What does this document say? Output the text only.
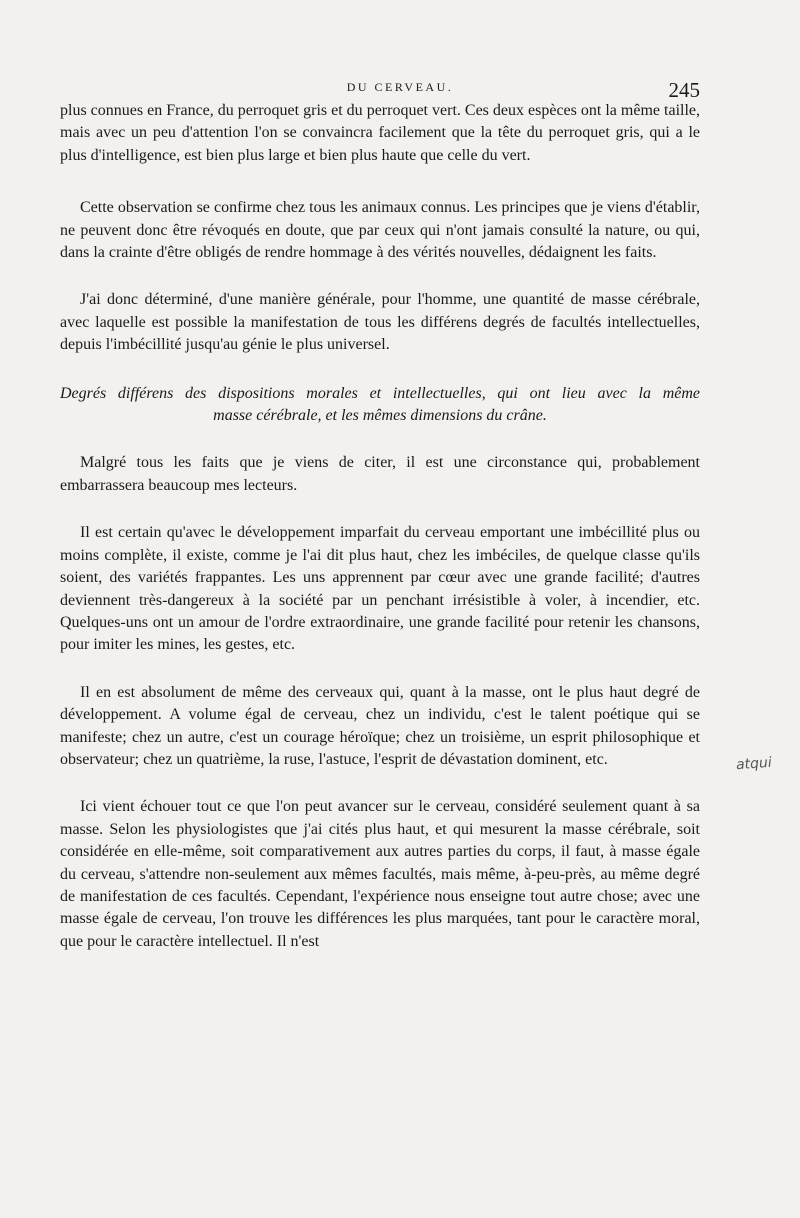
DU CERVEAU.	245

plus connues en France, du perroquet gris et du perroquet vert. Ces deux espèces ont la même taille, mais avec un peu d'attention l'on se convaincra facilement que la tête du perroquet gris, qui a le plus d'intelligence, est bien plus large et bien plus haute que celle du vert.

Cette observation se confirme chez tous les animaux connus. Les principes que je viens d'établir, ne peuvent donc être révoqués en doute, que par ceux qui n'ont jamais consulté la nature, ou qui, dans la crainte d'être obligés de rendre hommage à des vérités nouvelles, dédaignent les faits.

J'ai donc déterminé, d'une manière générale, pour l'homme, une quantité de masse cérébrale, avec laquelle est possible la manifestation de tous les différens degrés de facultés intellectuelles, depuis l'imbécillité jusqu'au génie le plus universel.

Degrés différens des dispositions morales et intellectuelles, qui ont lieu avec la même
masse cérébrale, et les mêmes dimensions du crâne.

Malgré tous les faits que je viens de citer, il est une circonstance qui, probablement embarrassera beaucoup mes lecteurs.

Il est certain qu'avec le développement imparfait du cerveau emportant une imbécillité plus ou moins complète, il existe, comme je l'ai dit plus haut, chez les imbéciles, de quelque classe qu'ils soient, des variétés frappantes. Les uns apprennent par cœur avec une grande facilité; d'autres deviennent très-dangereux à la société par un penchant irrésistible à voler, à incendier, etc. Quelques-uns ont un amour de l'ordre extraordinaire, une grande facilité pour retenir les chansons, pour imiter les mines, les gestes, etc.

Il en est absolument de même des cerveaux qui, quant à la masse, ont le plus haut degré de développement. A volume égal de cerveau, chez un individu, c'est le talent poétique qui se manifeste; chez un autre, c'est un courage héroïque; chez un troisième, un esprit philosophique et observateur; chez un quatrième, la ruse, l'astuce, l'esprit de dévastation dominent, etc.

Ici vient échouer tout ce que l'on peut avancer sur le cerveau, considéré seulement quant à sa masse. Selon les physiologistes que j'ai cités plus haut, et qui mesurent la masse cérébrale, soit considérée en elle-même, soit comparativement aux autres parties du corps, il faut, à masse égale du cerveau, s'attendre non-seulement aux mêmes facultés, mais même, à-peu-près, au même degré de manifestation de ces facultés. Cependant, l'expérience nous enseigne tout autre chose; avec une masse égale de cerveau, l'on trouve les différences les plus marquées, tant pour le caractère moral, que pour le caractère intellectuel. Il n'est

atqui
